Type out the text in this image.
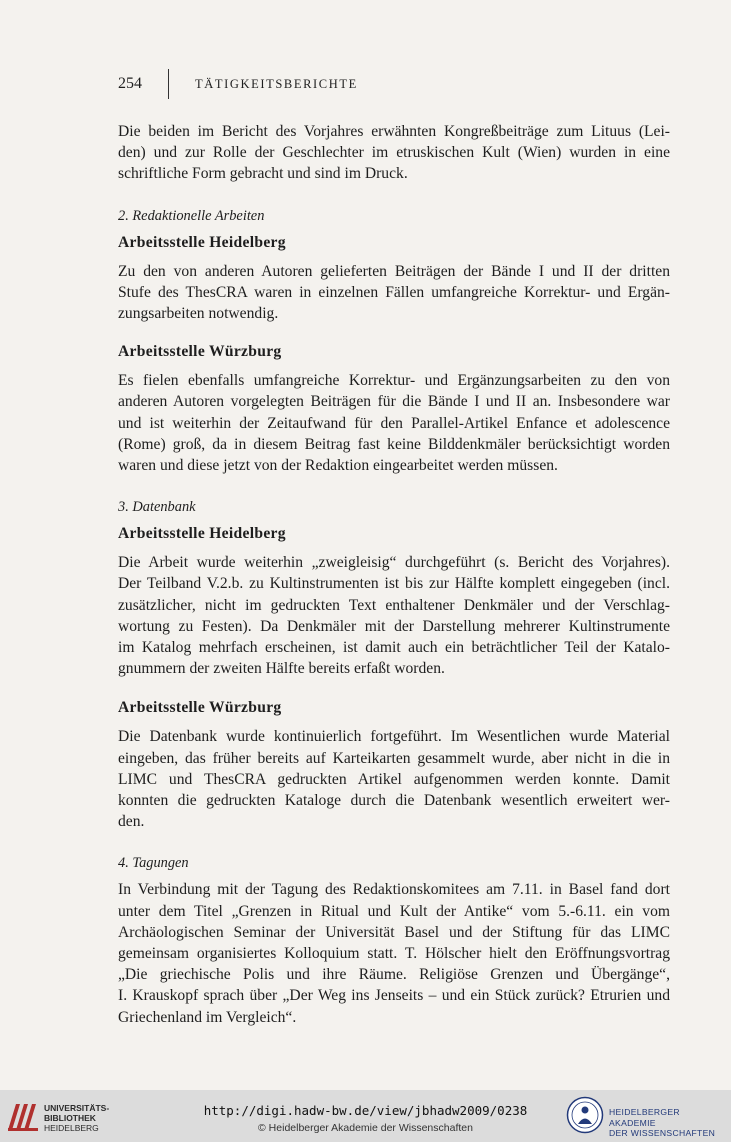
254	TÄTIGKEITSBERICHTE

Die beiden im Bericht des Vorjahres erwähnten Kongreßbeiträge zum Lituus (Lei-
den) und zur Rolle der Geschlechter im etruskischen Kult (Wien) wurden in eine
schriftliche Form gebracht und sind im Druck.

2. Redaktionelle Arbeiten
Arbeitsstelle Heidelberg

Zu den von anderen Autoren gelieferten Beiträgen der Bände I und II der dritten
Stufe des ThesCRA waren in einzelnen Fällen umfangreiche Korrektur- und Ergän-
zungsarbeiten notwendig.

Arbeitsstelle Würzburg

Es fielen ebenfalls umfangreiche Korrektur- und Ergänzungsarbeiten zu den von
anderen Autoren vorgelegten Beiträgen für die Bände I und II an. Insbesondere war
und ist weiterhin der Zeitaufwand für den Parallel-Artikel Enfance et adolescence
(Rome) groß, da in diesem Beitrag fast keine Bilddenkmäler berücksichtigt worden
waren und diese jetzt von der Redaktion eingearbeitet werden müssen.

3. Datenbank
Arbeitsstelle Heidelberg

Die Arbeit wurde weiterhin „zweigleisig“ durchgeführt (s. Bericht des Vorjahres).
Der Teilband V.2.b. zu Kultinstrumenten ist bis zur Hälfte komplett eingegeben (incl.
zusätzlicher, nicht im gedruckten Text enthaltener Denkmäler und der Verschlag-
wortung zu Festen). Da Denkmäler mit der Darstellung mehrerer Kultinstrumente
im Katalog mehrfach erscheinen, ist damit auch ein beträchtlicher Teil der Katalo-
gnummern der zweiten Hälfte bereits erfaßt worden.

Arbeitsstelle Würzburg

Die Datenbank wurde kontinuierlich fortgeführt. Im Wesentlichen wurde Material
eingeben, das früher bereits auf Karteikarten gesammelt wurde, aber nicht in die in
LIMC und ThesCRA gedruckten Artikel aufgenommen werden konnte. Damit
konnten die gedruckten Kataloge durch die Datenbank wesentlich erweitert wer-
den.

4. Tagungen

In Verbindung mit der Tagung des Redaktionskomitees am 7.11. in Basel fand dort
unter dem Titel „Grenzen in Ritual und Kult der Antike“ vom 5.-6.11. ein vom
Archäologischen Seminar der Universität Basel und der Stiftung für das LIMC
gemeinsam organisiertes Kolloquium statt. T. Hölscher hielt den Eröffnungsvortrag
„Die griechische Polis und ihre Räume. Religiöse Grenzen und Übergänge“,
I. Krauskopf sprach über „Der Weg ins Jenseits – und ein Stück zurück? Etrurien und
Griechenland im Vergleich“.

UNIVERSITÄTS-
BIBLIOTHEK
HEIDELBERG
http://digi.hadw-bw.de/view/jbhadw2009/0238
© Heidelberger Akademie der Wissenschaften
HEIDELBERGER AKADEMIE
DER WISSENSCHAFTEN
